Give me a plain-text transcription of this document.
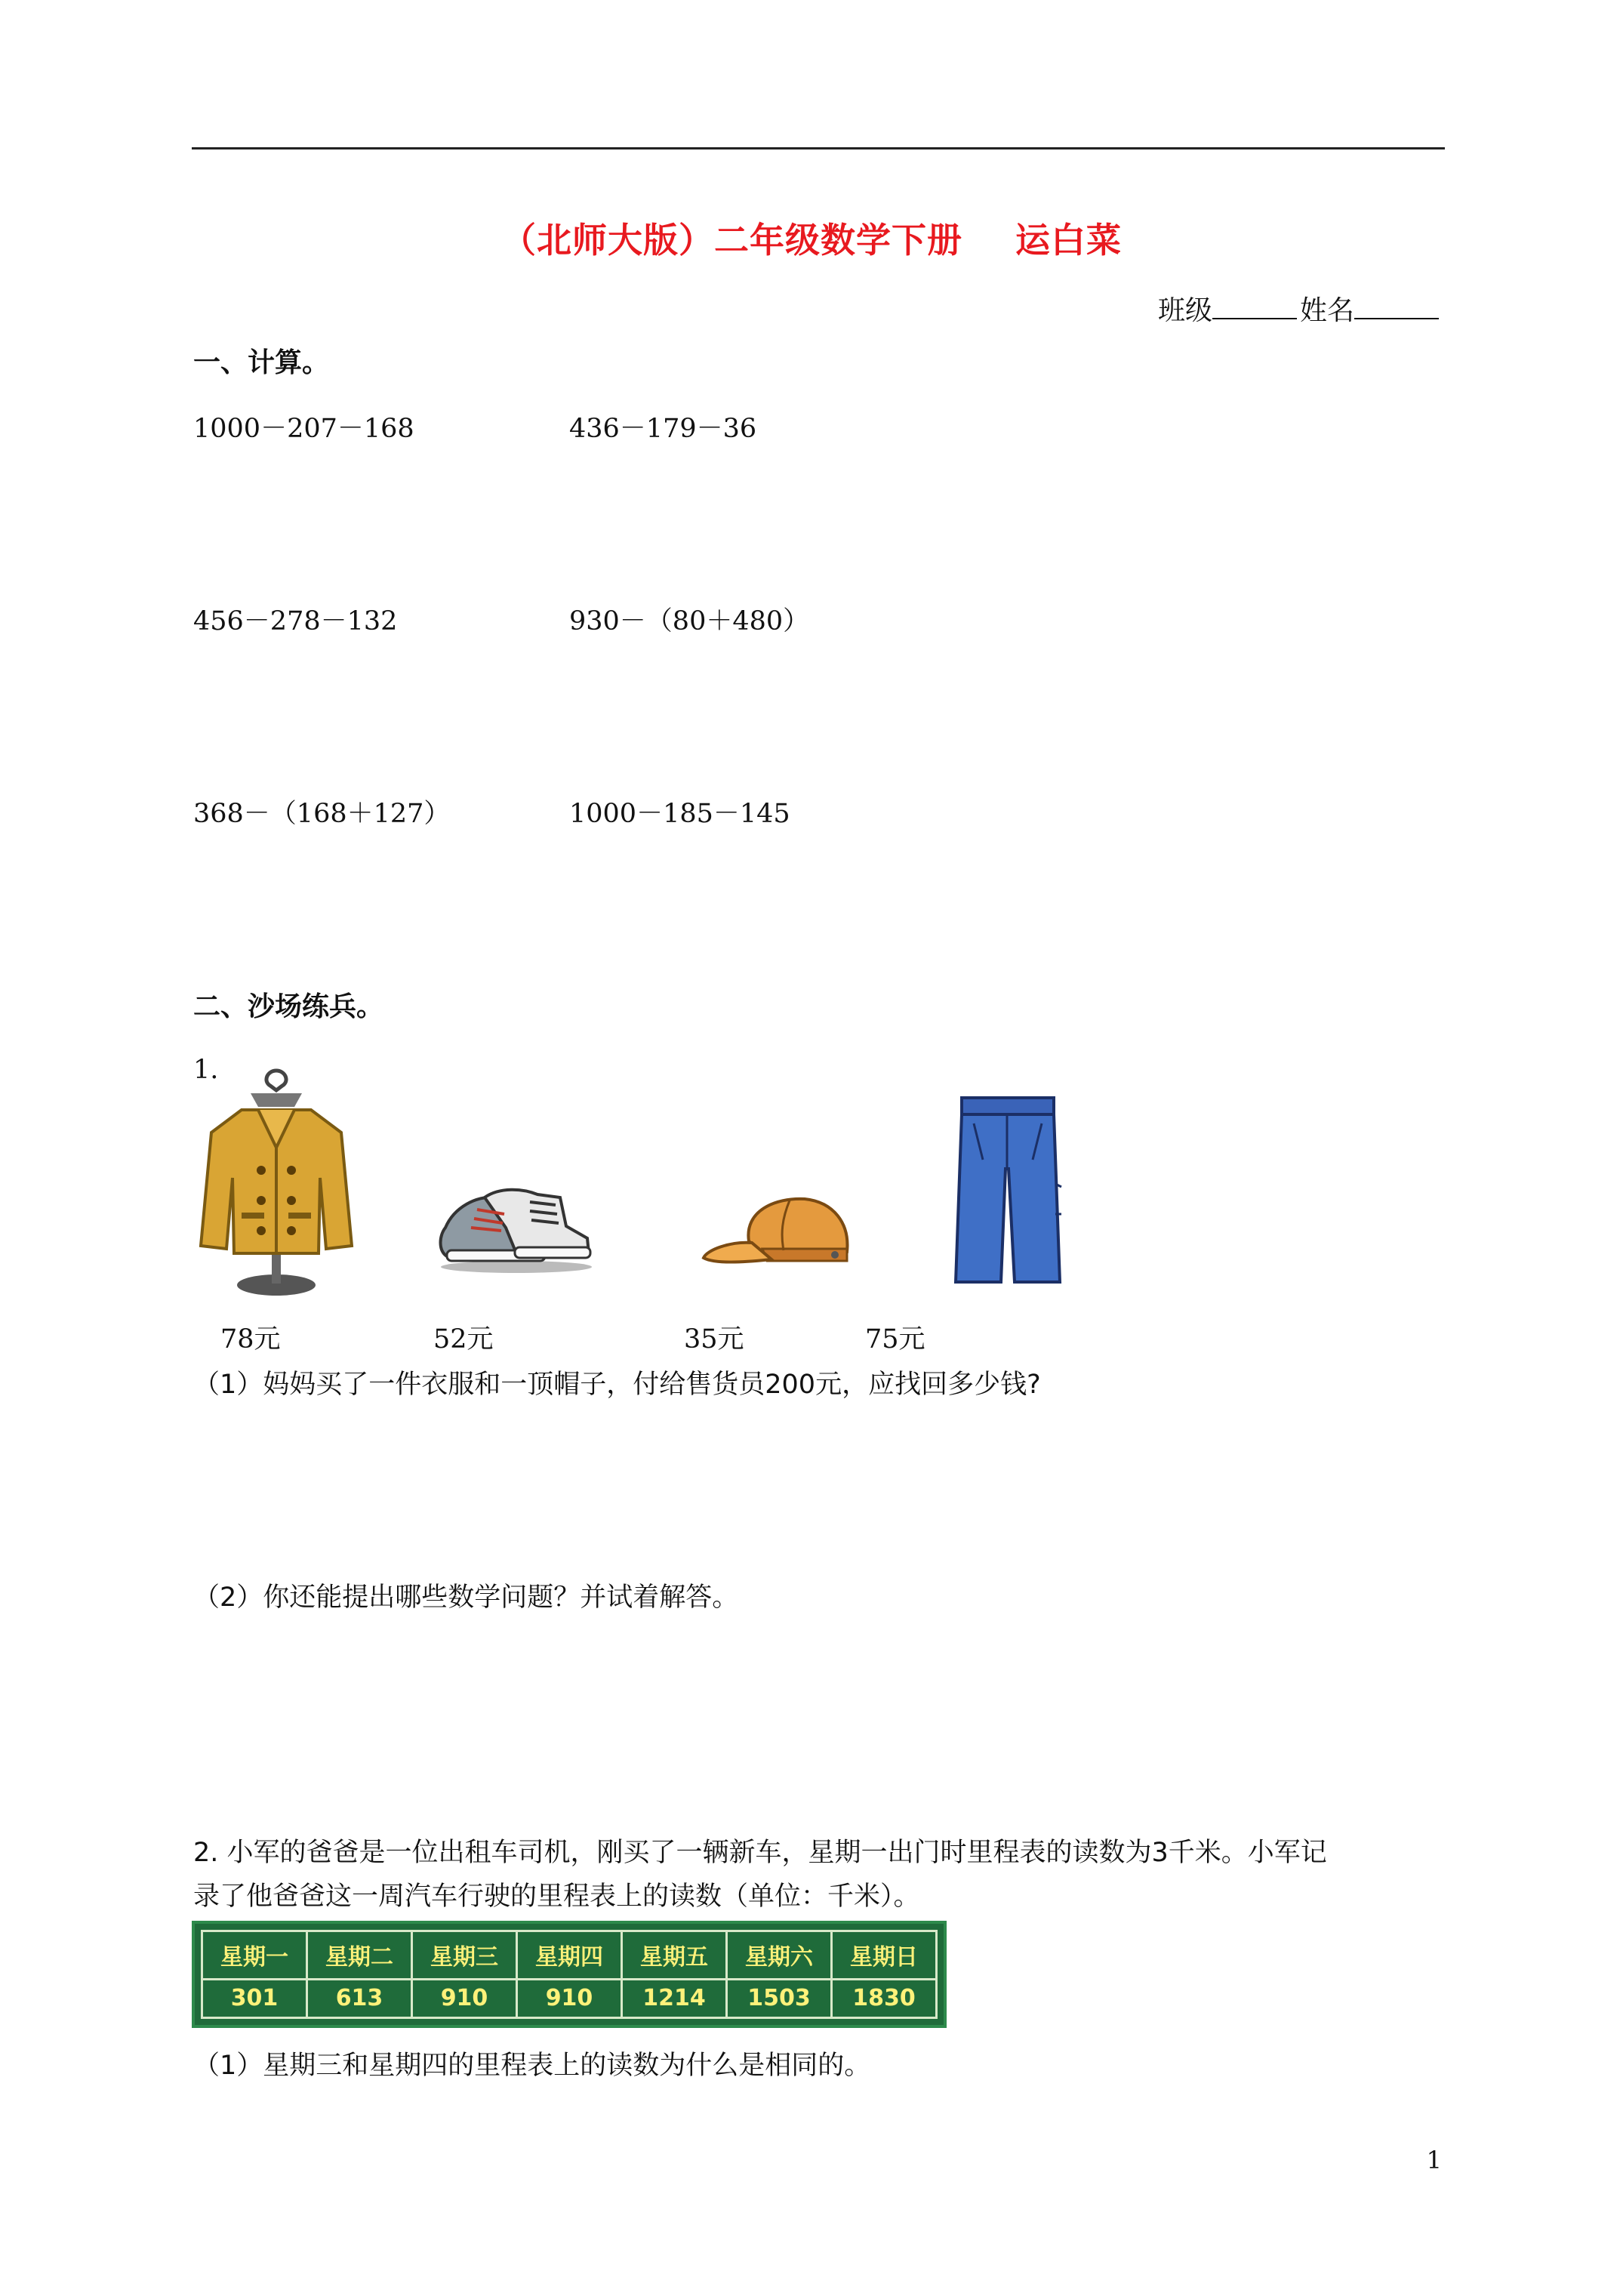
（北师大版）二年级数学下册 运白菜
班级	姓名
一、计算。
1000－207－168	436－179－36
456－278－132	930－（80＋480）
368－（168＋127）	1000－185－145
二、沙场练兵。
1.
78元	52元	35元	75元
（1）妈妈买了一件衣服和一顶帽子，付给售货员200元，应找回多少钱?
（2）你还能提出哪些数学问题？并试着解答。
2. 小军的爸爸是一位出租车司机，刚买了一辆新车，星期一出门时里程表的读数为3千米。小军记
录了他爸爸这一周汽车行驶的里程表上的读数（单位：千米）。
星期一	星期二	星期三	星期四	星期五	星期六	星期日
301	613	910	910	1214	1503	1830
（1）星期三和星期四的里程表上的读数为什么是相同的。
1
